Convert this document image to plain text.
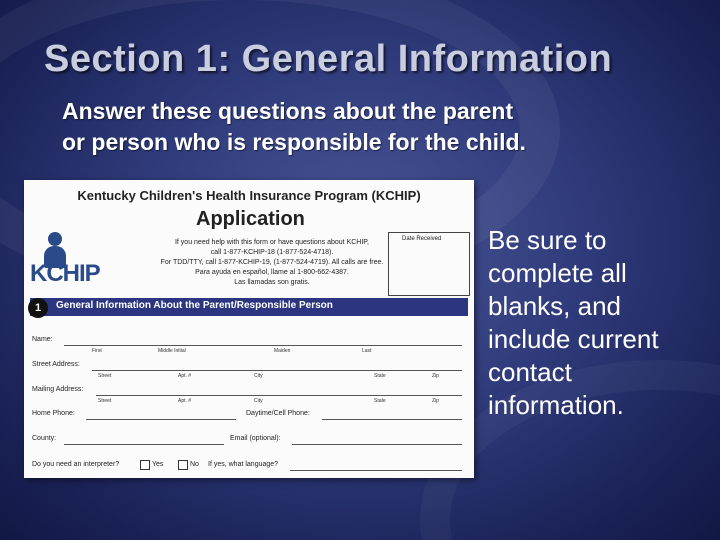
Section 1: General Information
Answer these questions about the parent
or person who is responsible for the child.
Kentucky Children's Health Insurance Program (KCHIP)
Application
KCHIP
If you need help with this form or have questions about KCHIP,
call 1-877-KCHIP-18 (1-877-524-4718).
For TDD/TTY, call 1-877-KCHIP-19, (1-877-524-4719). All calls are free.
Para ayuda en español, llame al 1-800-662-4387.
Las llamadas son gratis.
Date Received
1	General Information About the Parent/Responsible Person
Name:
First	Middle Initial	Maiden	Last
Street Address:
Street	Apt. #	City	State	Zip
Mailing Address:
Street	Apt. #	City	State	Zip
Home Phone:	Daytime/Cell Phone:
County:	Email (optional):
Do you need an interpreter?	Yes	No If yes, what language?
Be sure to
complete all
blanks, and
include current
contact
information.
